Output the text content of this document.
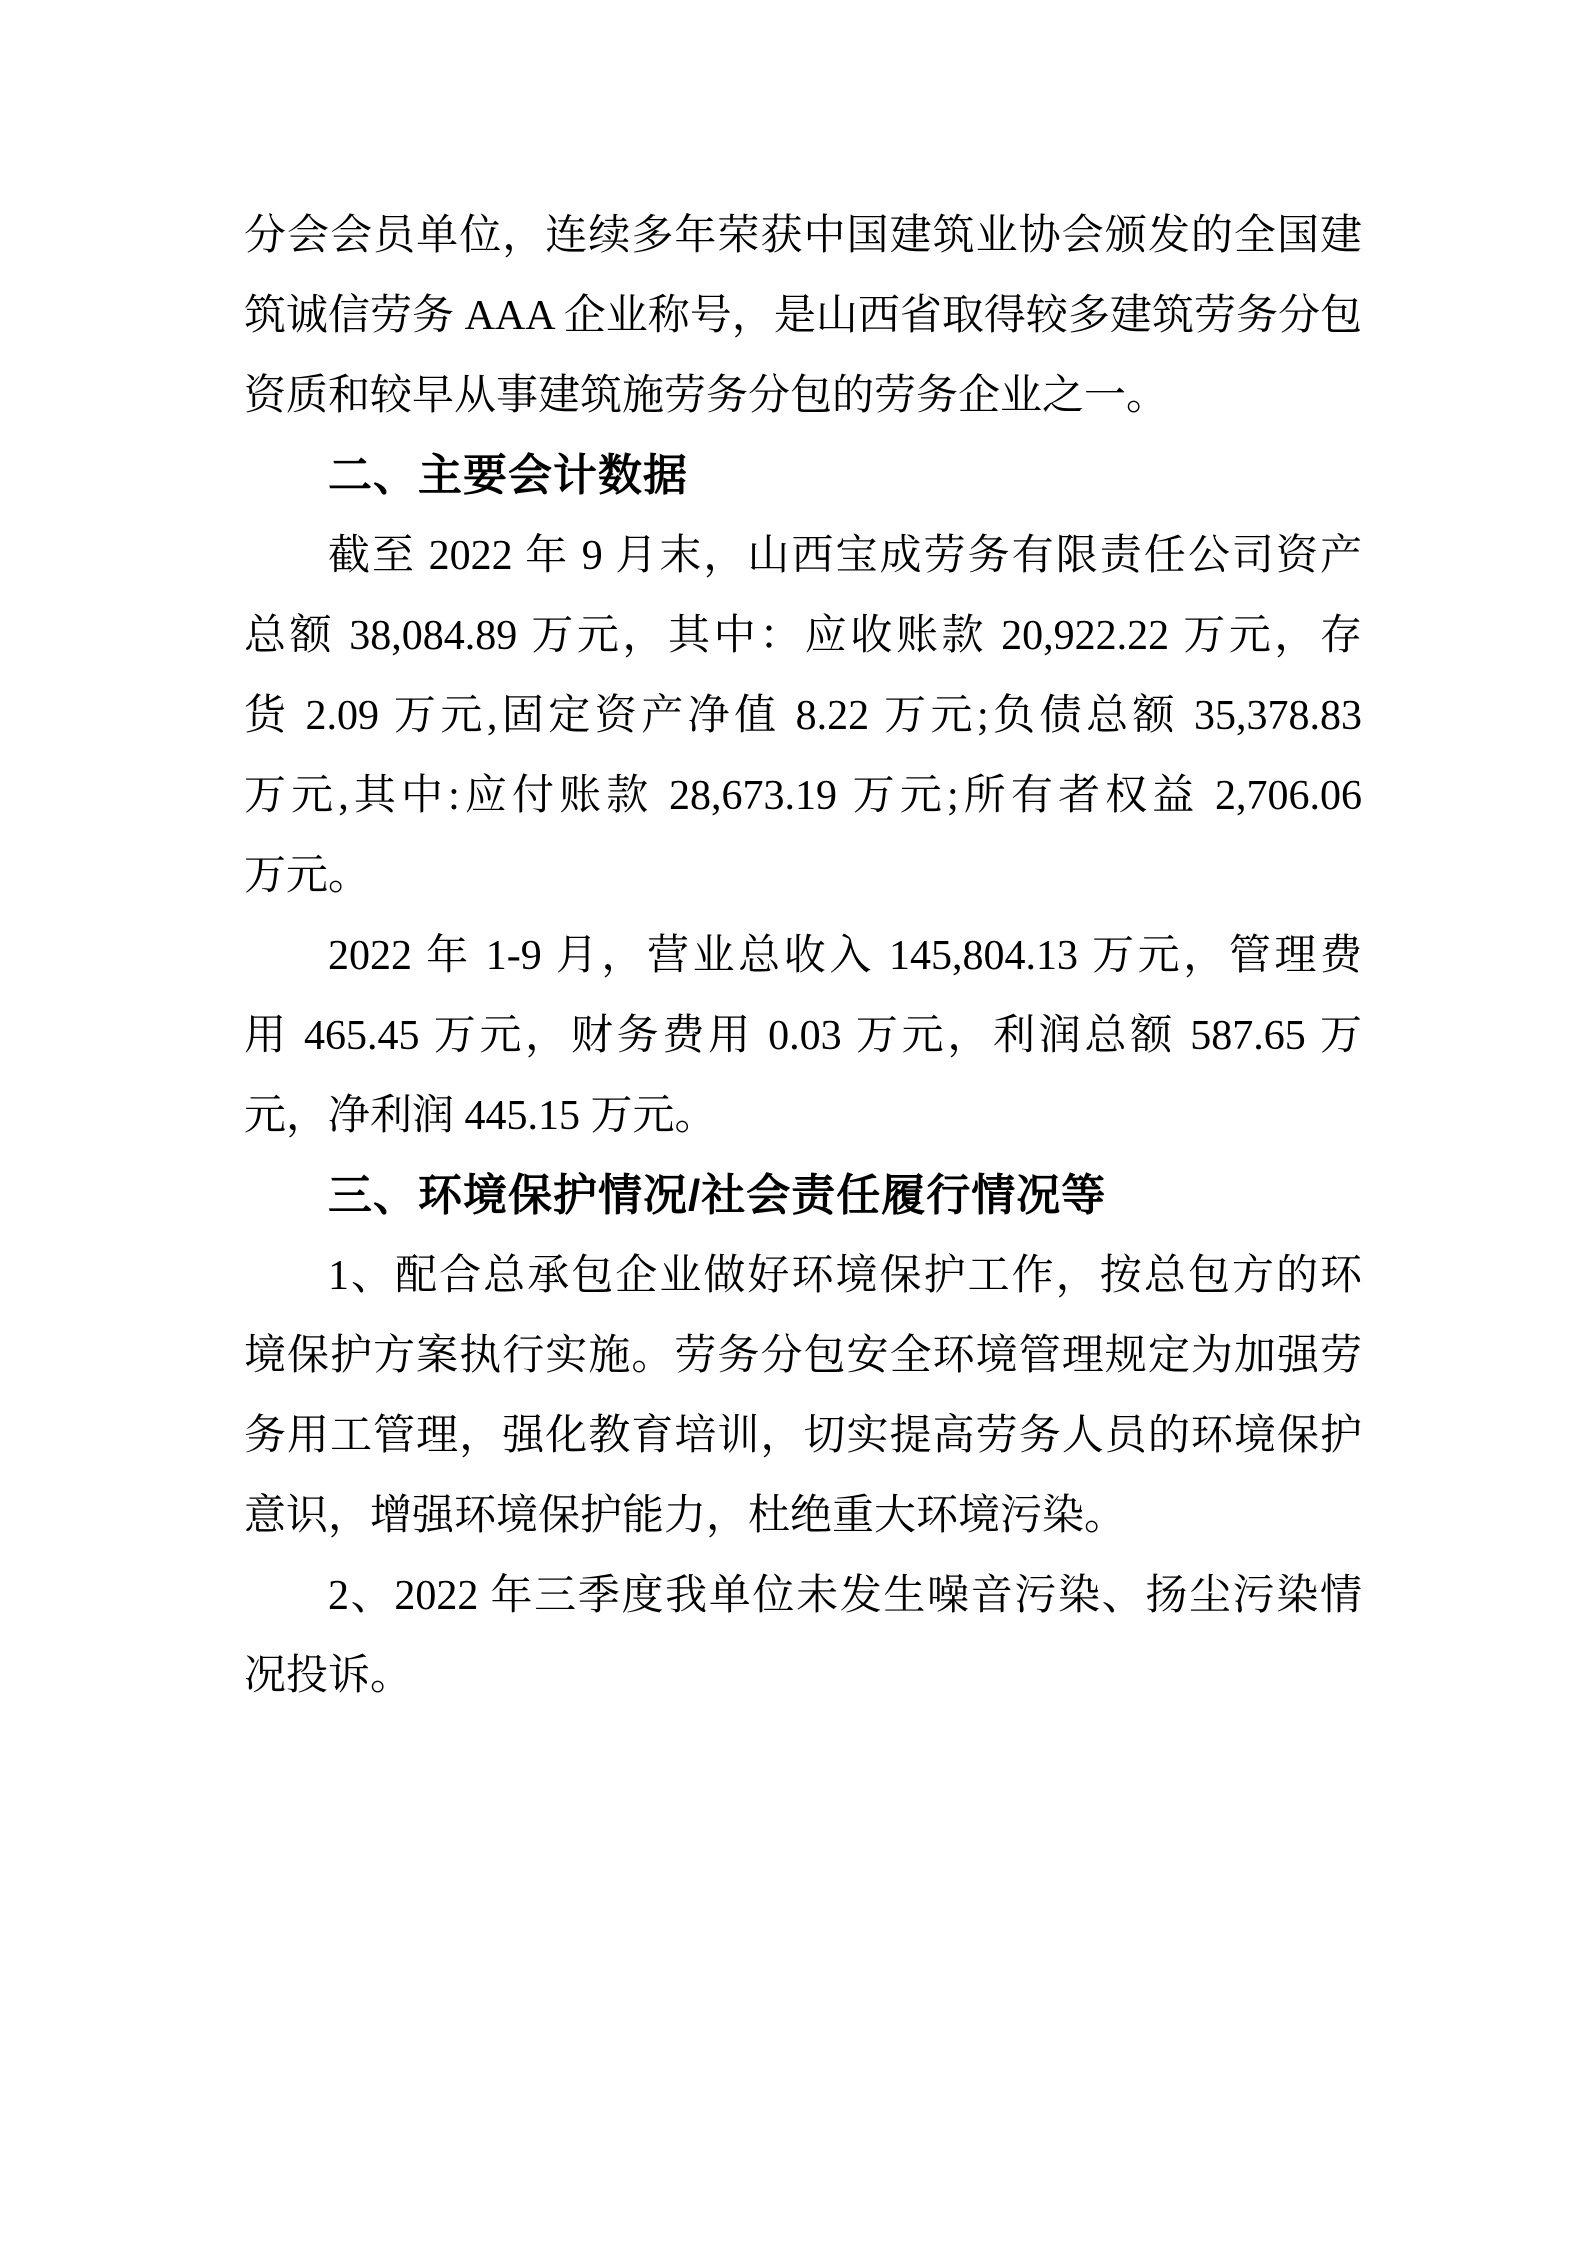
分会会员单位，连续多年荣获中国建筑业协会颁发的全国建
筑诚信劳务 AAA 企业称号，是山西省取得较多建筑劳务分包
资质和较早从事建筑施劳务分包的劳务企业之一。
二、主要会计数据
截至 2022 年 9 月末，山西宝成劳务有限责任公司资产
总额 38,084.89 万元，其中：应收账款 20,922.22 万元，存
货 2.09 万元,固定资产净值 8.22 万元;负债总额 35,378.83
万元,其中:应付账款 28,673.19 万元;所有者权益 2,706.06
万元。
2022 年 1-9 月，营业总收入 145,804.13 万元，管理费
用 465.45 万元，财务费用 0.03 万元，利润总额 587.65 万
元，净利润 445.15 万元。
三、环境保护情况/社会责任履行情况等
1、配合总承包企业做好环境保护工作，按总包方的环
境保护方案执行实施。劳务分包安全环境管理规定为加强劳
务用工管理，强化教育培训，切实提高劳务人员的环境保护
意识，增强环境保护能力，杜绝重大环境污染。
2、2022 年三季度我单位未发生噪音污染、扬尘污染情
况投诉。
